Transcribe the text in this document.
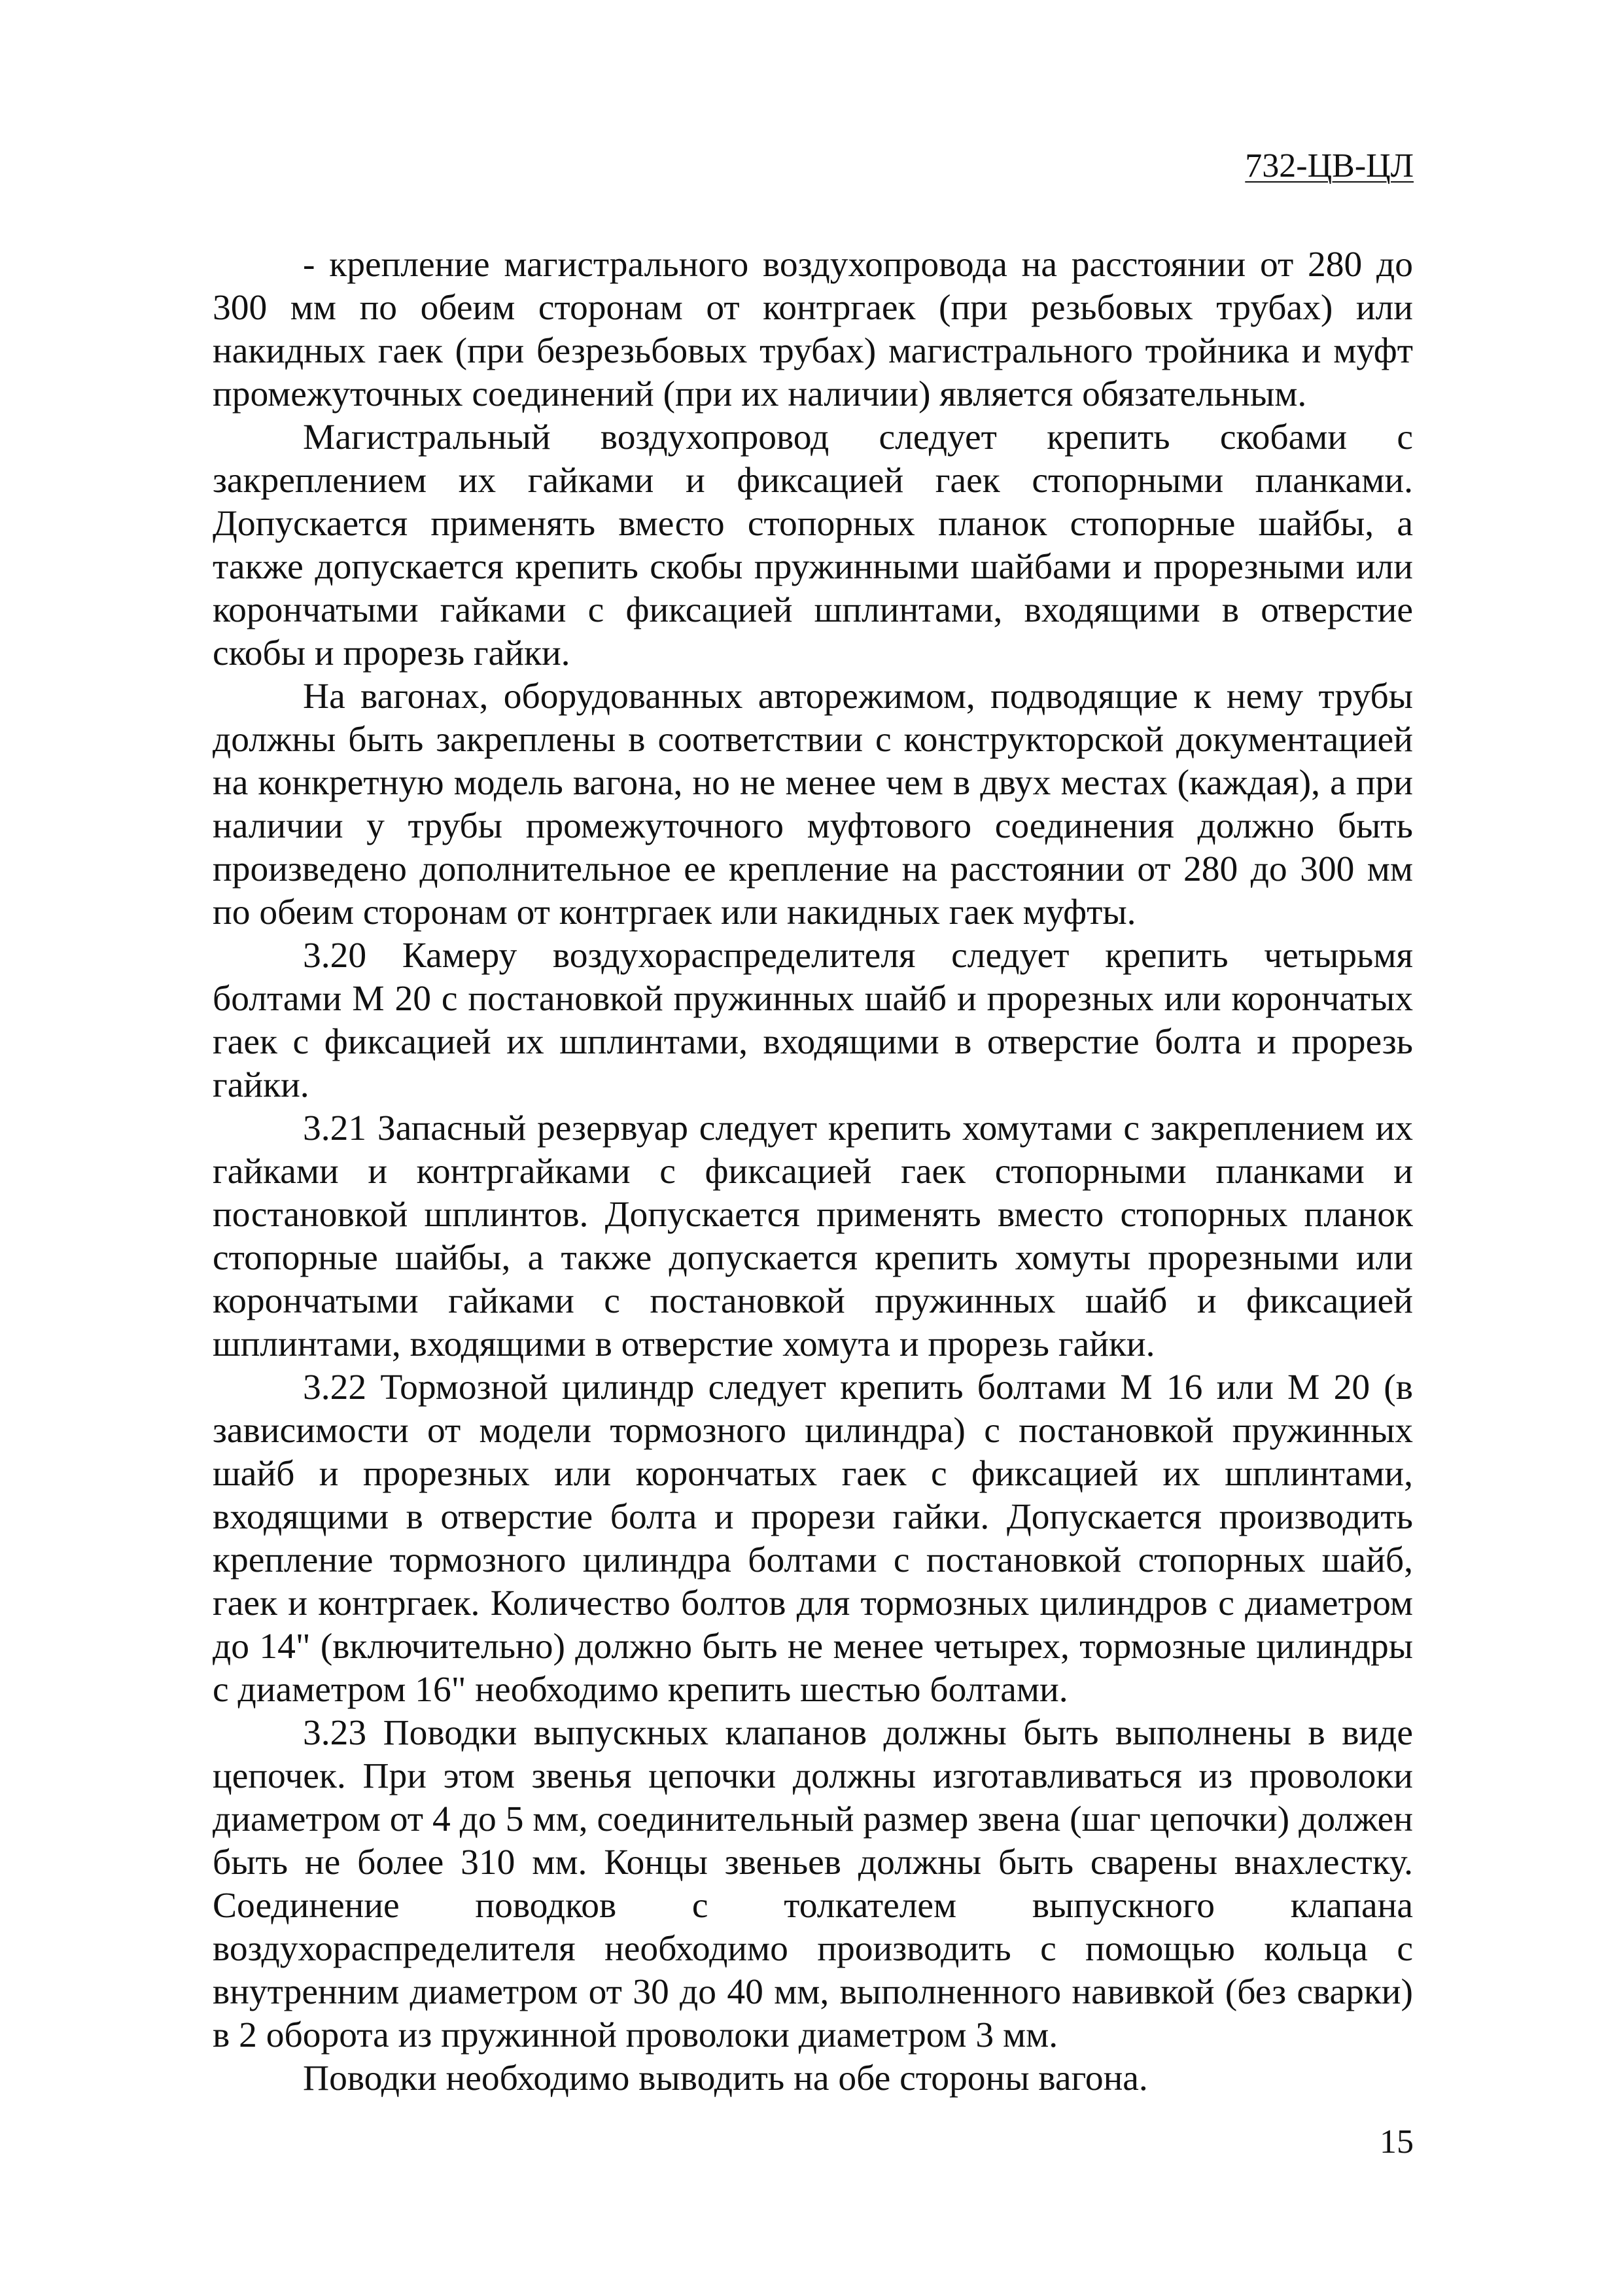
732-ЦВ-ЦЛ

- крепление магистрального воздухопровода на расстоянии от 280 до 300 мм по обеим сторонам от контргаек (при резьбовых трубах) или накидных гаек (при безрезьбовых трубах) магистрального тройника и муфт промежуточных соединений (при их наличии) является обязательным.

Магистральный воздухопровод следует крепить скобами с закреплением их гайками и фиксацией гаек стопорными планками. Допускается применять вместо стопорных планок стопорные шайбы, а также допускается крепить скобы пружинными шайбами и прорезными или корончатыми гайками с фиксацией шплинтами, входящими в отверстие скобы и прорезь гайки.

На вагонах, оборудованных авторежимом, подводящие к нему трубы должны быть закреплены в соответствии с конструкторской документацией на конкретную модель вагона, но не менее чем в двух местах (каждая), а при наличии у трубы промежуточного муфтового соединения должно быть произведено дополнительное ее крепление на расстоянии от 280 до 300 мм по обеим сторонам от контргаек или накидных гаек муфты.

3.20 Камеру воздухораспределителя следует крепить четырьмя болтами М 20 с постановкой пружинных шайб и прорезных или корончатых гаек с фиксацией их шплинтами, входящими в отверстие болта и прорезь гайки.

3.21 Запасный резервуар следует крепить хомутами с закреплением их гайками и контргайками с фиксацией гаек стопорными планками и постановкой шплинтов. Допускается применять вместо стопорных планок стопорные шайбы, а также допускается крепить хомуты прорезными или корончатыми гайками с постановкой пружинных шайб и фиксацией шплинтами, входящими в отверстие хомута и прорезь гайки.

3.22 Тормозной цилиндр следует крепить болтами М 16 или М 20 (в зависимости от модели тормозного цилиндра) с постановкой пружинных шайб и прорезных или корончатых гаек с фиксацией их шплинтами, входящими в отверстие болта и прорези гайки. Допускается производить крепление тормозного цилиндра болтами с постановкой стопорных шайб, гаек и контргаек. Количество болтов для тормозных цилиндров с диаметром до 14" (включительно) должно быть не менее четырех, тормозные цилиндры с диаметром 16" необходимо крепить шестью болтами.

3.23 Поводки выпускных клапанов должны быть выполнены в виде цепочек. При этом звенья цепочки должны изготавливаться из проволоки диаметром от 4 до 5 мм, соединительный размер звена (шаг цепочки) должен быть не более 310 мм. Концы звеньев должны быть сварены внахлестку. Соединение поводков с толкателем выпускного клапана воздухораспределителя необходимо производить с помощью кольца с внутренним диаметром от 30 до 40 мм, выполненного навивкой (без сварки) в 2 оборота из пружинной проволоки диаметром 3 мм.

Поводки необходимо выводить на обе стороны вагона.

15
